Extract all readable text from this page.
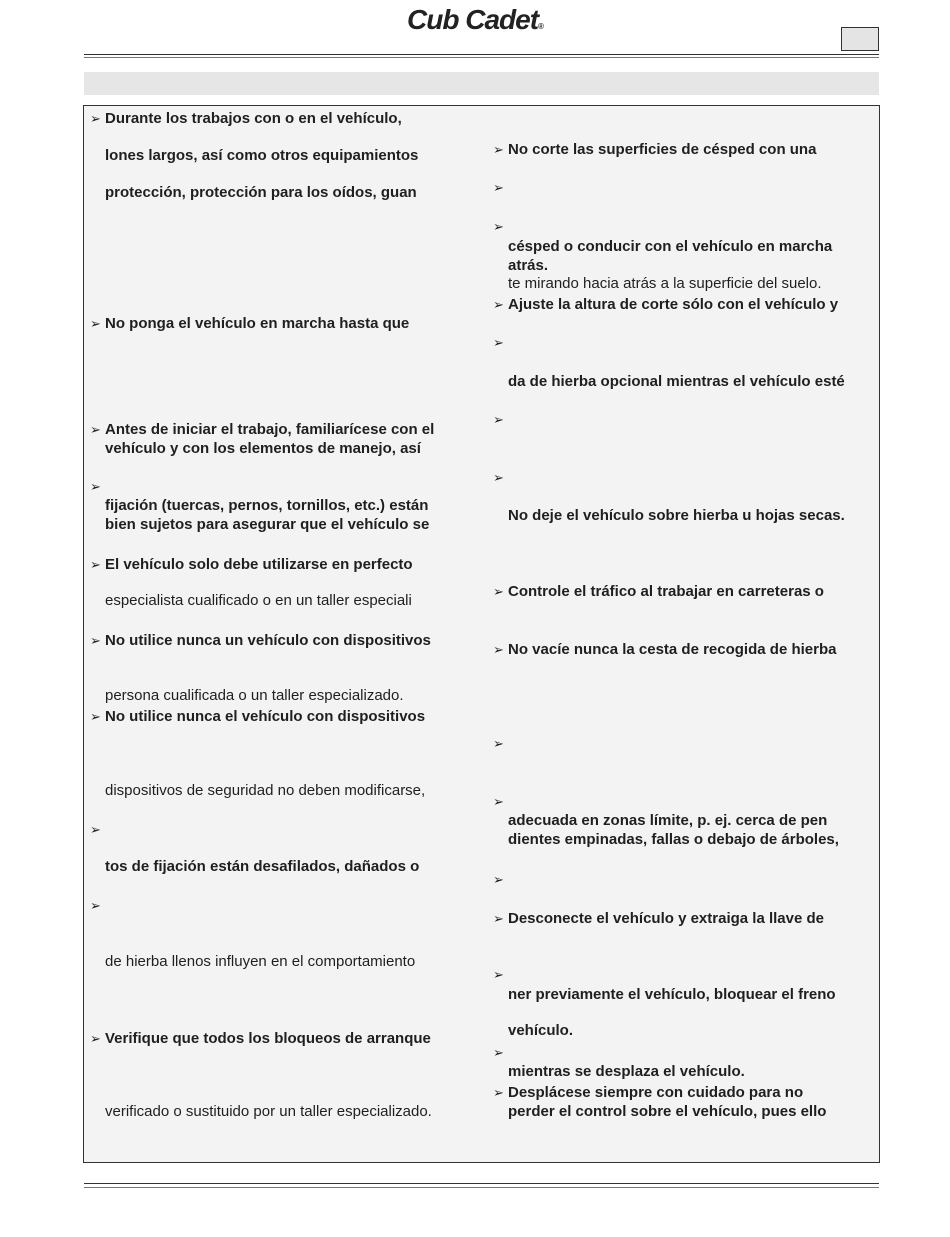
Cub Cadet®
➢ Durante los trabajos con o en el vehículo,
lones largos, así como otros equipamientos
protección, protección para los oídos, guan
➢ No ponga el vehículo en marcha hasta que
➢ Antes de iniciar el trabajo, familiarícese con el
vehículo y con los elementos de manejo, así
➢
fijación (tuercas, pernos, tornillos, etc.) están
bien sujetos para asegurar que el vehículo se
➢ El vehículo solo debe utilizarse en perfecto
especialista cualificado o en un taller especiali
➢ No utilice nunca un vehículo con dispositivos
persona cualificada o un taller especializado.
➢ No utilice nunca el vehículo con dispositivos
dispositivos de seguridad no deben modificarse,
➢
tos de fijación están desafilados, dañados o
➢
de hierba llenos influyen en el comportamiento
➢ Verifique que todos los bloqueos de arranque
verificado o sustituido por un taller especializado.
➢ No corte las superficies de césped con una
➢
➢
césped o conducir con el vehículo en marcha
atrás.
te mirando hacia atrás a la superficie del suelo.
➢ Ajuste la altura de corte sólo con el vehículo y
➢
da de hierba opcional mientras el vehículo esté
➢
➢
No deje el vehículo sobre hierba u hojas secas.
➢ Controle el tráfico al trabajar en carreteras o
➢ No vacíe nunca la cesta de recogida de hierba
➢
➢
adecuada en zonas límite, p. ej. cerca de pen
dientes empinadas, fallas o debajo de árboles,
➢
➢ Desconecte el vehículo y extraiga la llave de
➢
ner previamente el vehículo, bloquear el freno
vehículo.
➢
mientras se desplaza el vehículo.
➢ Desplácese siempre con cuidado para no
perder el control sobre el vehículo, pues ello
